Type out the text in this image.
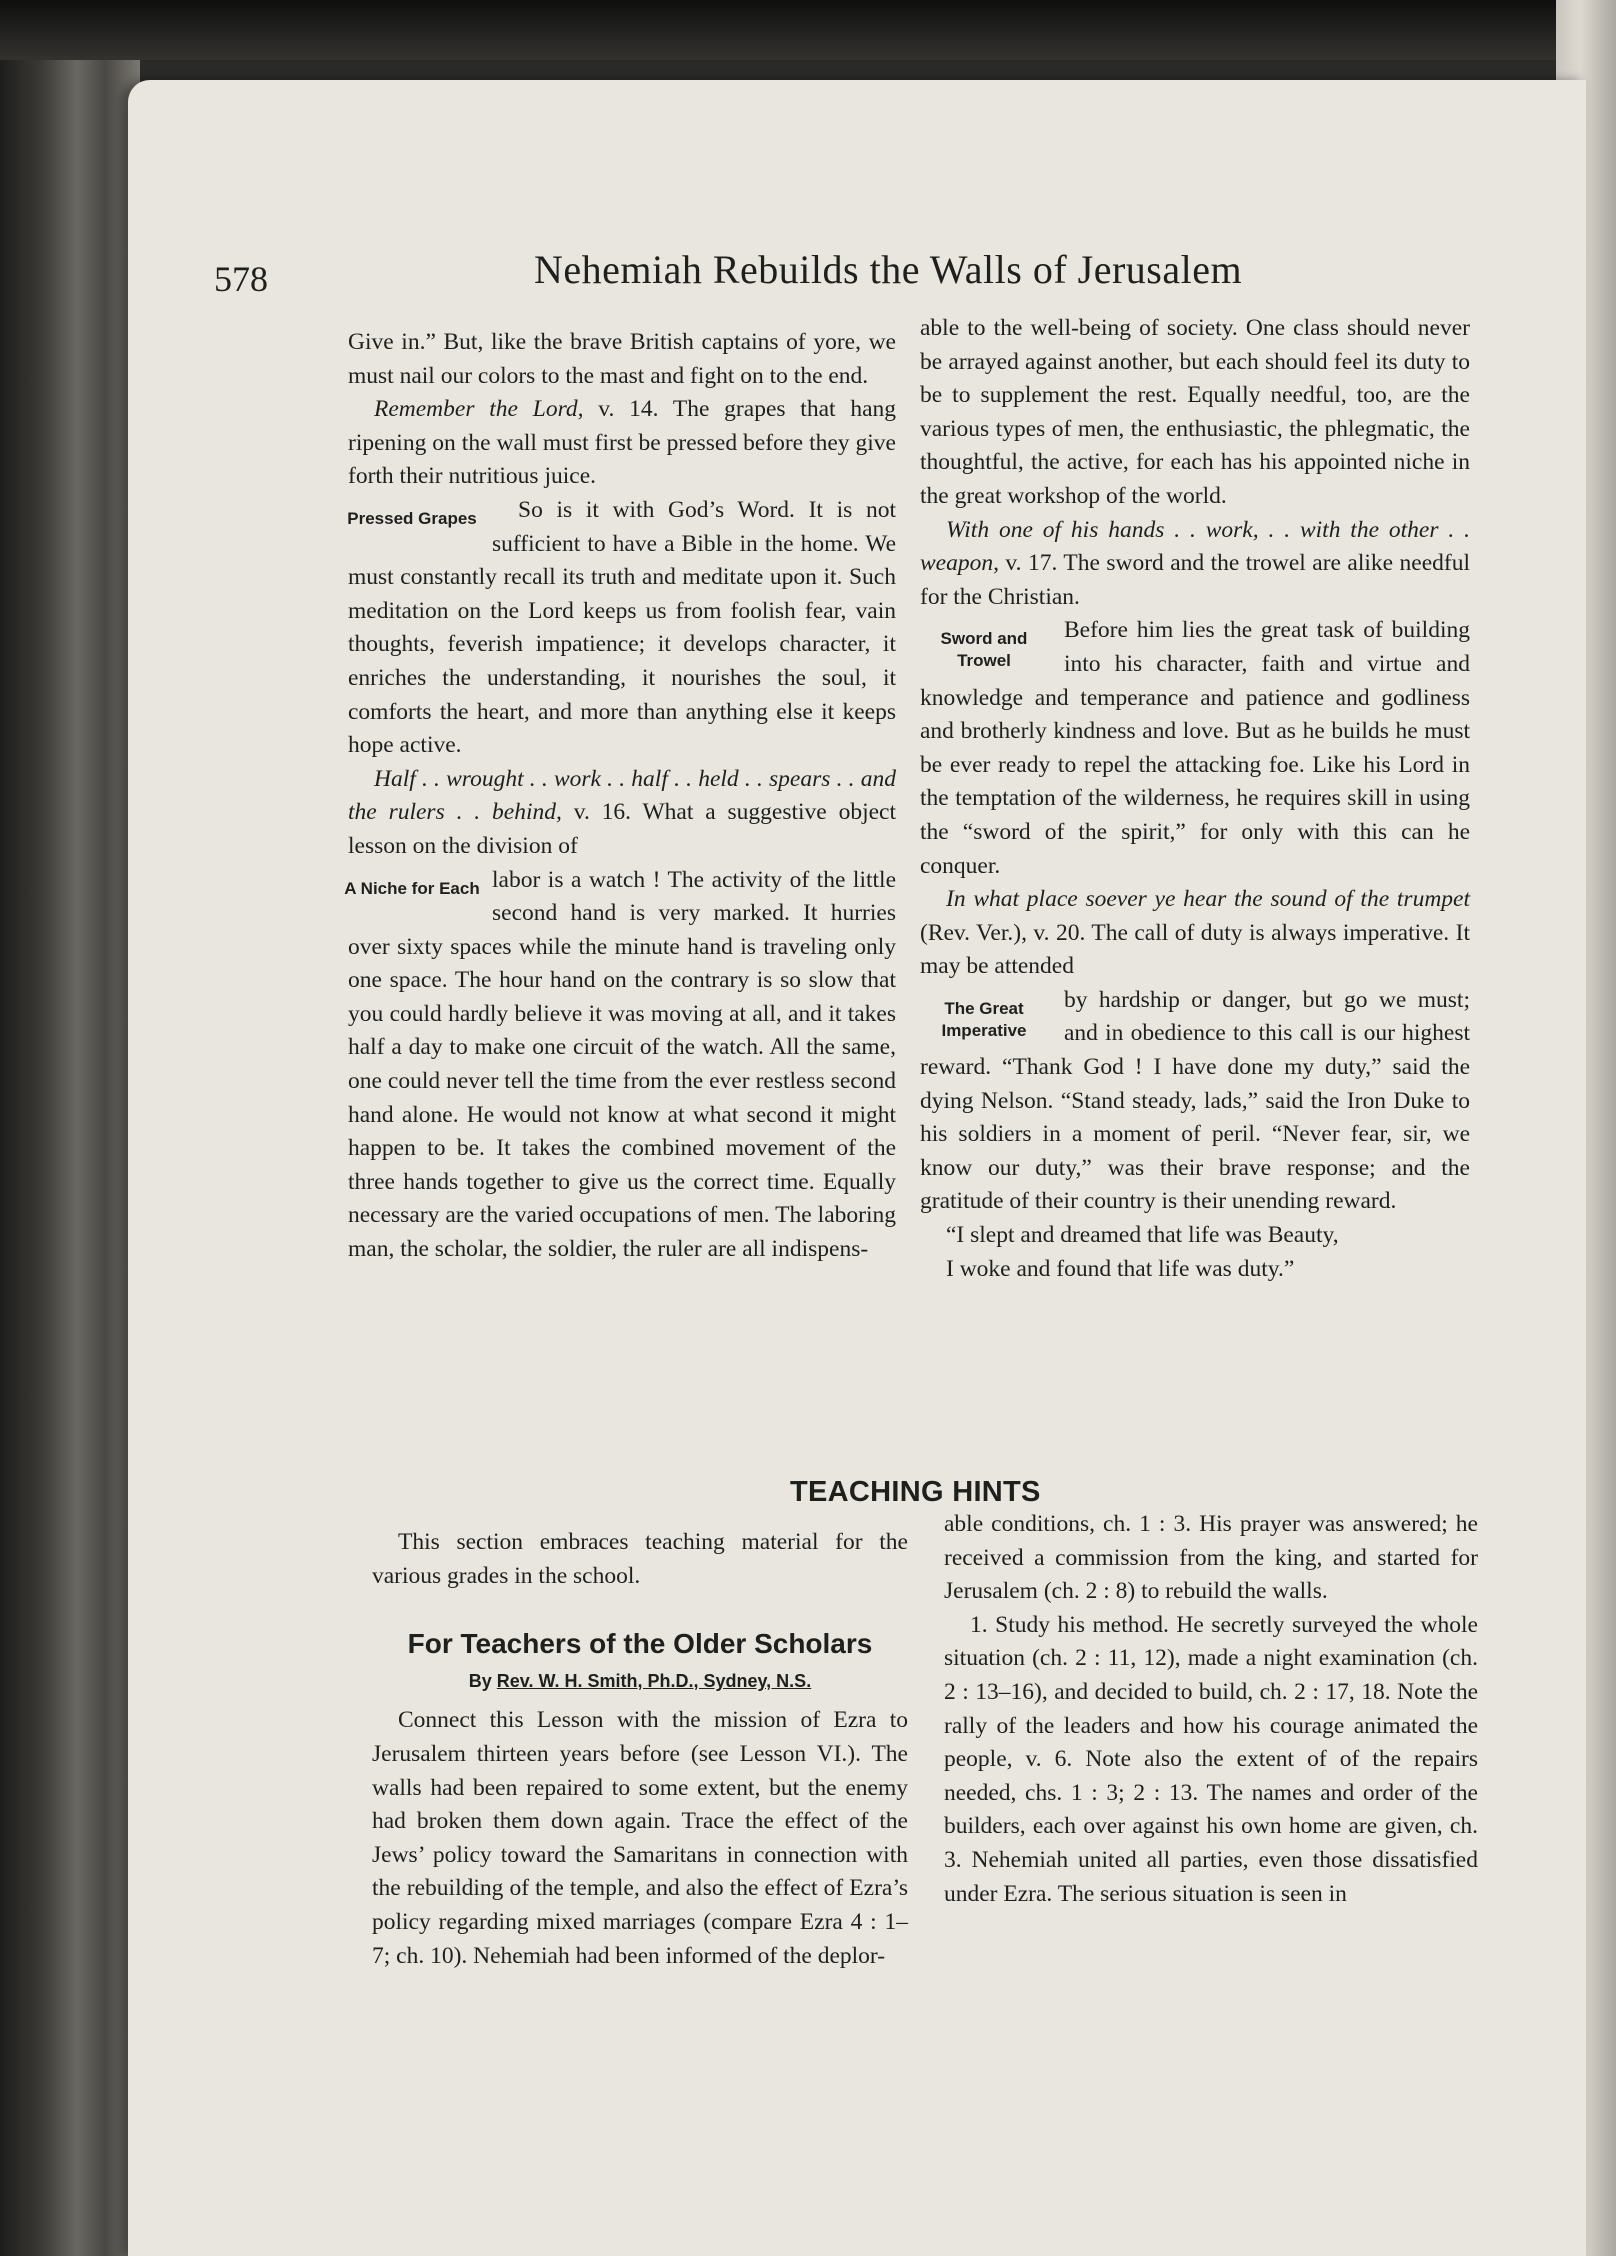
578	Nehemiah Rebuilds the Walls of Jerusalem

Give in.” But, like the brave British captains of yore, we must nail our colors to the mast and fight on to the end.

Remember the Lord, v. 14. The grapes that hang ripening on the wall must first be pressed before they give forth their nutritious juice.

Pressed Grapes	So is it with God’s Word. It is not sufficient to have a Bible in the home. We must constantly recall its truth and meditate upon it. Such meditation on the Lord keeps us from foolish fear, vain thoughts, feverish impatience; it develops character, it enriches the understanding, it nourishes the soul, it comforts the heart, and more than anything else it keeps hope active.

Half . . wrought . . work . . half . . held . . spears . . and the rulers . . behind, v. 16. What a suggestive object lesson on the division of

A Niche for Each labor is a watch ! The activity of the little second hand is very marked. It hurries over sixty spaces while the minute hand is traveling only one space. The hour hand on the contrary is so slow that you could hardly believe it was moving at all, and it takes half a day to make one circuit of the watch. All the same, one could never tell the time from the ever restless second hand alone. He would not know at what second it might happen to be. It takes the combined movement of the three hands together to give us the correct time. Equally necessary are the varied occupations of men. The laboring man, the scholar, the soldier, the ruler are all indispens-

able to the well-being of society. One class should never be arrayed against another, but each should feel its duty to be to supplement the rest. Equally needful, too, are the various types of men, the enthusiastic, the phlegmatic, the thoughtful, the active, for each has his appointed niche in the great workshop of the world.

With one of his hands . . work, . . with the other . . weapon, v. 17. The sword and the trowel are alike needful for the Christian.

Sword and Trowel

Before him lies the great task of building into his character, faith and virtue and knowledge and temperance and patience and godliness and brotherly kindness and love. But as he builds he must be ever ready to repel the attacking foe. Like his Lord in the temptation of the wilderness, he requires skill in using the “sword of the spirit,” for only with this can he conquer.

In what place soever ye hear the sound of the trumpet (Rev. Ver.), v. 20. The call of duty is always imperative. It may be attended

The Great Imperative

by hardship or danger, but go we must; and in obedience to this call is our highest reward. “Thank God ! I have done my duty,” said the dying Nelson. “Stand steady, lads,” said the Iron Duke to his soldiers in a moment of peril. “Never fear, sir, we know our duty,” was their brave response; and the gratitude of their country is their unending reward.

“I slept and dreamed that life was Beauty,

I woke and found that life was duty.”

TEACHING HINTS

This section embraces teaching material for the various grades in the school.

For Teachers of the Older Scholars
By Rev. W. H. Smith, Ph.D., Sydney, N.S.

Connect this Lesson with the mission of Ezra to Jerusalem thirteen years before (see Lesson VI.). The walls had been repaired to some extent, but the enemy had broken them down again. Trace the effect of the Jews’ policy toward the Samaritans in connection with the rebuilding of the temple, and also the effect of Ezra’s policy regarding mixed marriages (compare Ezra 4 : 1–7; ch. 10). Nehemiah had been informed of the deplor-

able conditions, ch. 1 : 3. His prayer was answered; he received a commission from the king, and started for Jerusalem (ch. 2 : 8) to rebuild the walls.

1. Study his method. He secretly surveyed the whole situation (ch. 2 : 11, 12), made a night examination (ch. 2 : 13–16), and decided to build, ch. 2 : 17, 18. Note the rally of the leaders and how his courage animated the people, v. 6. Note also the extent of of the repairs needed, chs. 1 : 3; 2 : 13. The names and order of the builders, each over against his own home are given, ch. 3. Nehemiah united all parties, even those dissatisfied under Ezra. The serious situation is seen in
